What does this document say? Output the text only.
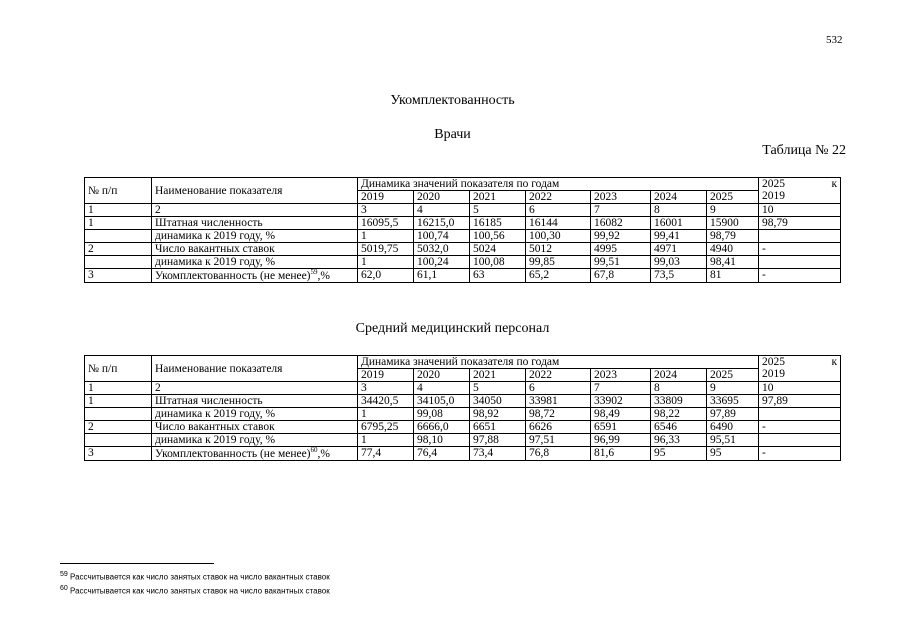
532
Укомплектованность
Врачи
Таблица № 22
№ п/п	Наименование показателя	Динамика значений показателя по годам							2025 к
2019

		2019	2020	2021	2022	2023	2024	2025	
1	2	3	4	5	6	7	8	9	10
1	Штатная численность	16095,5	16215,0	16185	16144	16082	16001	15900	98,79
	динамика к 2019 году, %	1	100,74	100,56	100,30	99,92	99,41	98,79	
2	Число вакантных ставок	5019,75	5032,0	5024	5012	4995	4971	4940	-
	динамика к 2019 году, %	1	100,24	100,08	99,85	99,51	99,03	98,41	
3	Укомплектованность (не менее)$^{59}$,%	62,0	61,1	63	65,2	67,8	73,5	81	-
Средний медицинский персонал
№ п/п	Наименование показателя	Динамика значений показателя по годам							2025 к
2019

		2019	2020	2021	2022	2023	2024	2025	
1	2	3	4	5	6	7	8	9	10
1	Штатная численность	34420,5	34105,0	34050	33981	33902	33809	33695	97,89
	динамика к 2019 году, %	1	99,08	98,92	98,72	98,49	98,22	97,89	
2	Число вакантных ставок	6795,25	6666,0	6651	6626	6591	6546	6490	-
	динамика к 2019 году, %	1	98,10	97,88	97,51	96,99	96,33	95,51	
3	Укомплектованность (не менее)$^{60}$,%	77,4	76,4	73,4	76,8	81,6	95	95	-
$^{59}$ Рассчитывается как число занятых ставок на число вакантных ставок
$^{60}$ Рассчитывается как число занятых ставок на число вакантных ставок
